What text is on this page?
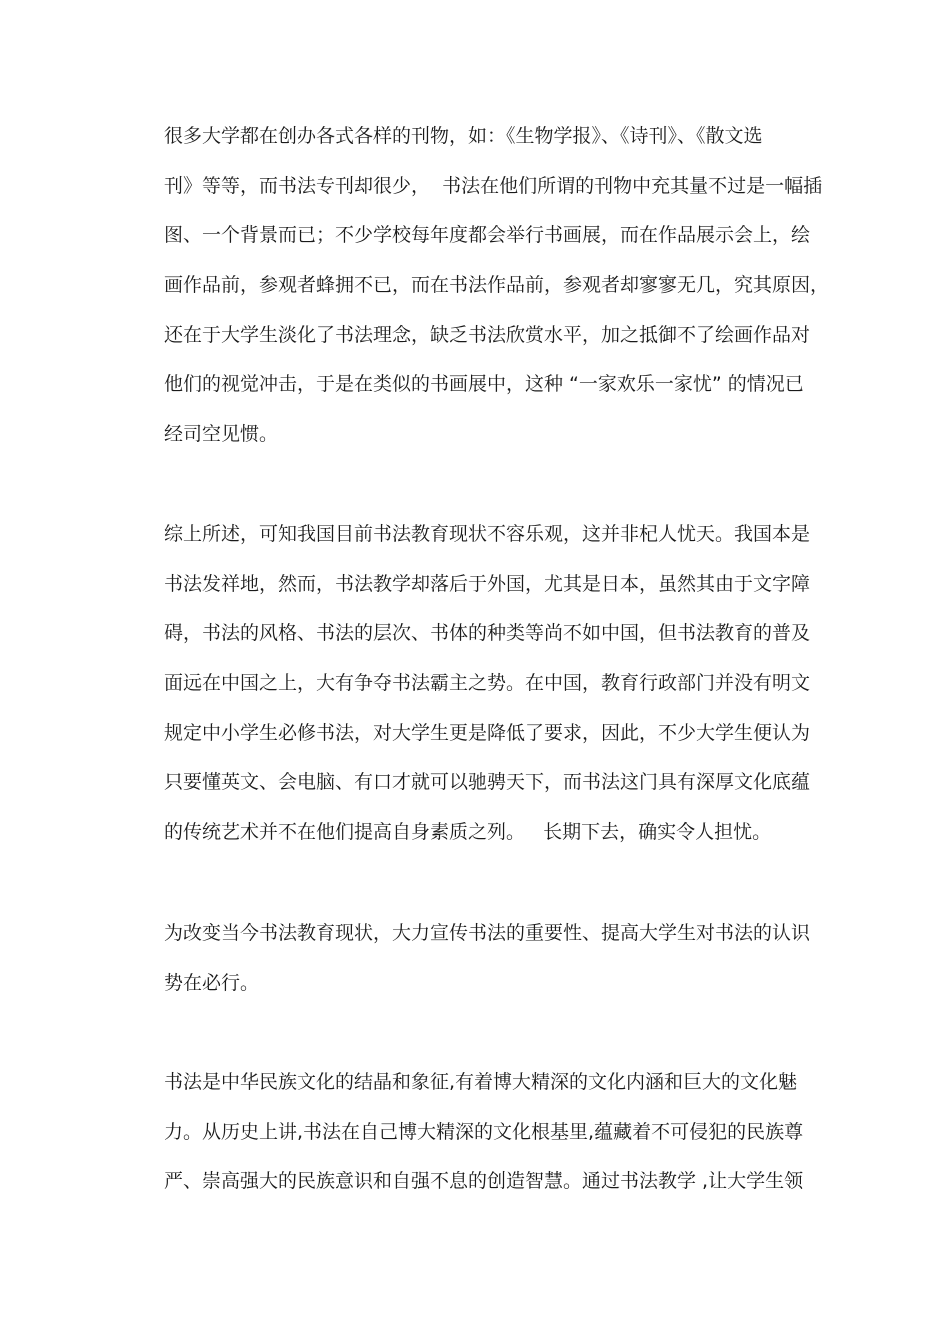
很多大学都在创办各式各样的刊物，如：《生物学报》、《诗刊》、《散文选
刊》等等，而书法专刊却很少，  书法在他们所谓的刊物中充其量不过是一幅插
图、一个背景而已；不少学校每年度都会举行书画展，而在作品展示会上，绘
画作品前，参观者蜂拥不已，而在书法作品前，参观者却寥寥无几，究其原因，
还在于大学生淡化了书法理念，缺乏书法欣赏水平，加之抵御不了绘画作品对
他们的视觉冲击，于是在类似的书画展中，这种 “一家欢乐一家忧” 的情况已
经司空见惯。
综上所述，可知我国目前书法教育现状不容乐观，这并非杞人忧天。我国本是
书法发祥地，然而，书法教学却落后于外国，尤其是日本，虽然其由于文字障
碍，书法的风格、书法的层次、书体的种类等尚不如中国，但书法教育的普及
面远在中国之上，大有争夺书法霸主之势。在中国，教育行政部门并没有明文
规定中小学生必修书法，对大学生更是降低了要求，因此，不少大学生便认为
只要懂英文、会电脑、有口才就可以驰骋天下，而书法这门具有深厚文化底蕴
的传统艺术并不在他们提高自身素质之列。   长期下去，确实令人担忧。
为改变当今书法教育现状，大力宣传书法的重要性、提高大学生对书法的认识
势在必行。
书法是中华民族文化的结晶和象征,有着博大精深的文化内涵和巨大的文化魅
力。从历史上讲,书法在自己博大精深的文化根基里,蕴藏着不可侵犯的民族尊
严、崇高强大的民族意识和自强不息的创造智慧。通过书法教学 ,让大学生领
